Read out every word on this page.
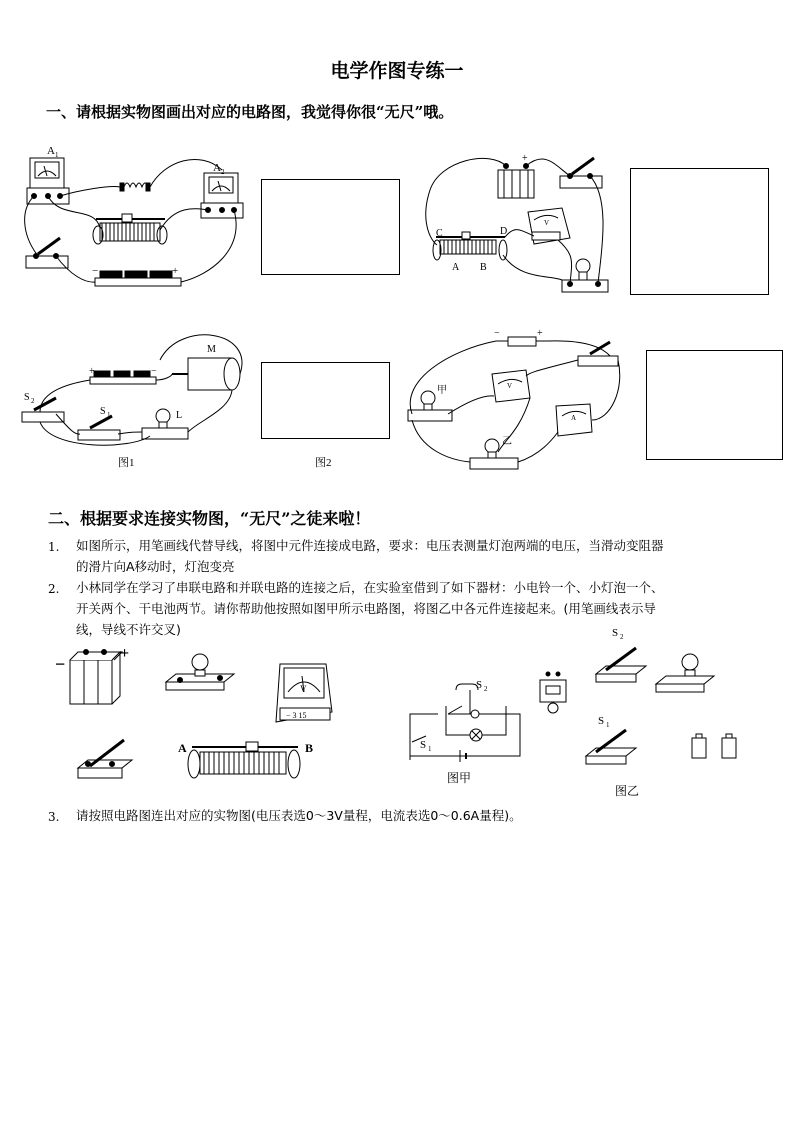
电学作图专练一
一、请根据实物图画出对应的电路图，我觉得你很“无尺”哦。
A 1
A 2
−	+
+
V
C	D
A B
+	−
M
S 2
S 1	L
图1	图2
−	+
V
A
甲
乙
二、根据要求连接实物图，“无尺”之徒来啦！
1. 如图所示，用笔画线代替导线，将图中元件连接成电路，要求：电压表测量灯泡两端的电压，当滑动变阻器
的滑片向A移动时，灯泡变亮
2. 小林同学在学习了串联电路和并联电路的连接之后，在实验室借到了如下器材：小电铃一个、小灯泡一个、
开关两个、干电池两节。请你帮助他按照如图甲所示电路图，将图乙中各元件连接起来。(用笔画线表示导
线，导线不许交叉)
3. 请按照电路图连出对应的实物图(电压表选0～3V量程，电流表选0～0.6A量程)。
−
+
V
− 3 15
A	B
S 2
S 1
图甲
S 2
S 1
图乙
